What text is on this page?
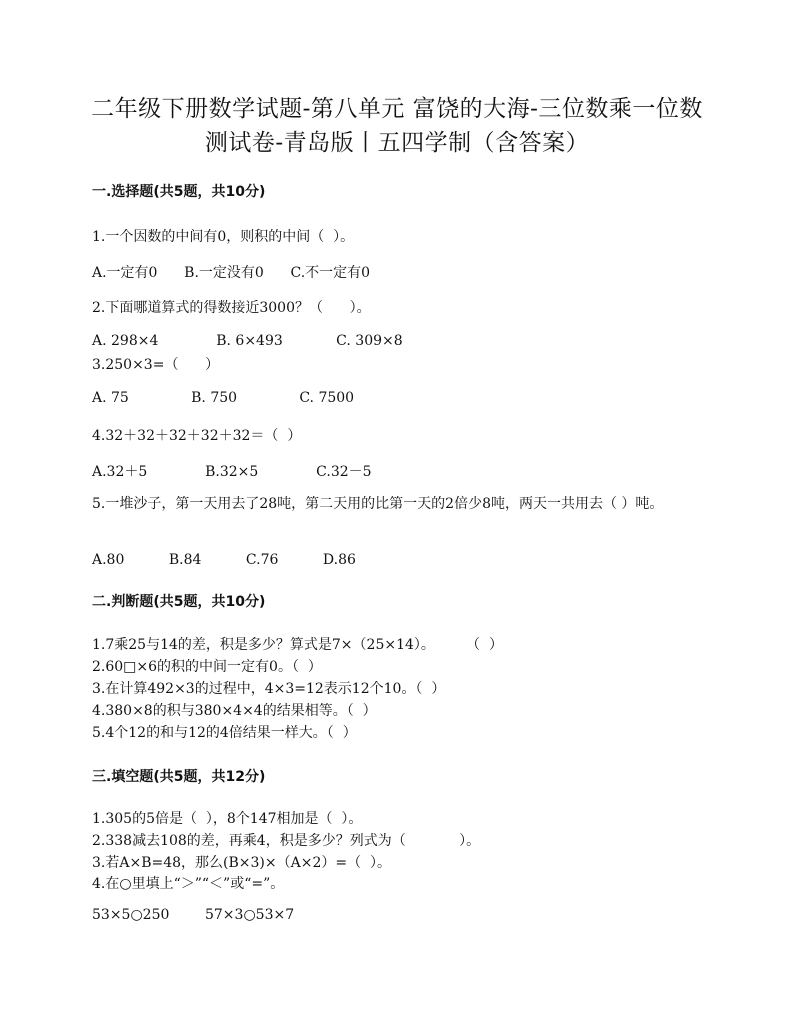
二年级下册数学试题-第八单元 富饶的大海-三位数乘一位数
测试卷-青岛版丨五四学制（含答案）
一.选择题(共5题，共10分)
1.一个因数的中间有0，则积的中间（  ）。
A.一定有0      B.一定没有0      C.不一定有0
2.下面哪道算式的得数接近3000？（      ）。
A. 298×4             B. 6×493            C. 309×8
3.250×3=（      ）
A. 75              B. 750              C. 7500
4.32＋32＋32＋32＋32＝（  ）
A.32＋5             B.32×5             C.32－5
5.一堆沙子，第一天用去了28吨，第二天用的比第一天的2倍少8吨，两天一共用去（ ）吨。
A.80          B.84          C.76          D.86
二.判断题(共5题，共10分)
1.7乘25与14的差，积是多少？算式是7×（25×14）。       （  ）
2.60□×6的积的中间一定有0。（  ）
3.在计算492×3的过程中，4×3=12表示12个10。（  ）
4.380×8的积与380×4×4的结果相等。（  ）
5.4个12的和与12的4倍结果一样大。（  ）
三.填空题(共5题，共12分)
1.305的5倍是（  ），8个147相加是（  ）。
2.338减去108的差，再乘4，积是多少？列式为（            ）。
3.若A×B=48，那么(B×3)×（A×2）=（  ）。
4.在○里填上“＞”“＜”或“=”。
53×5○250        57×3○53×7
